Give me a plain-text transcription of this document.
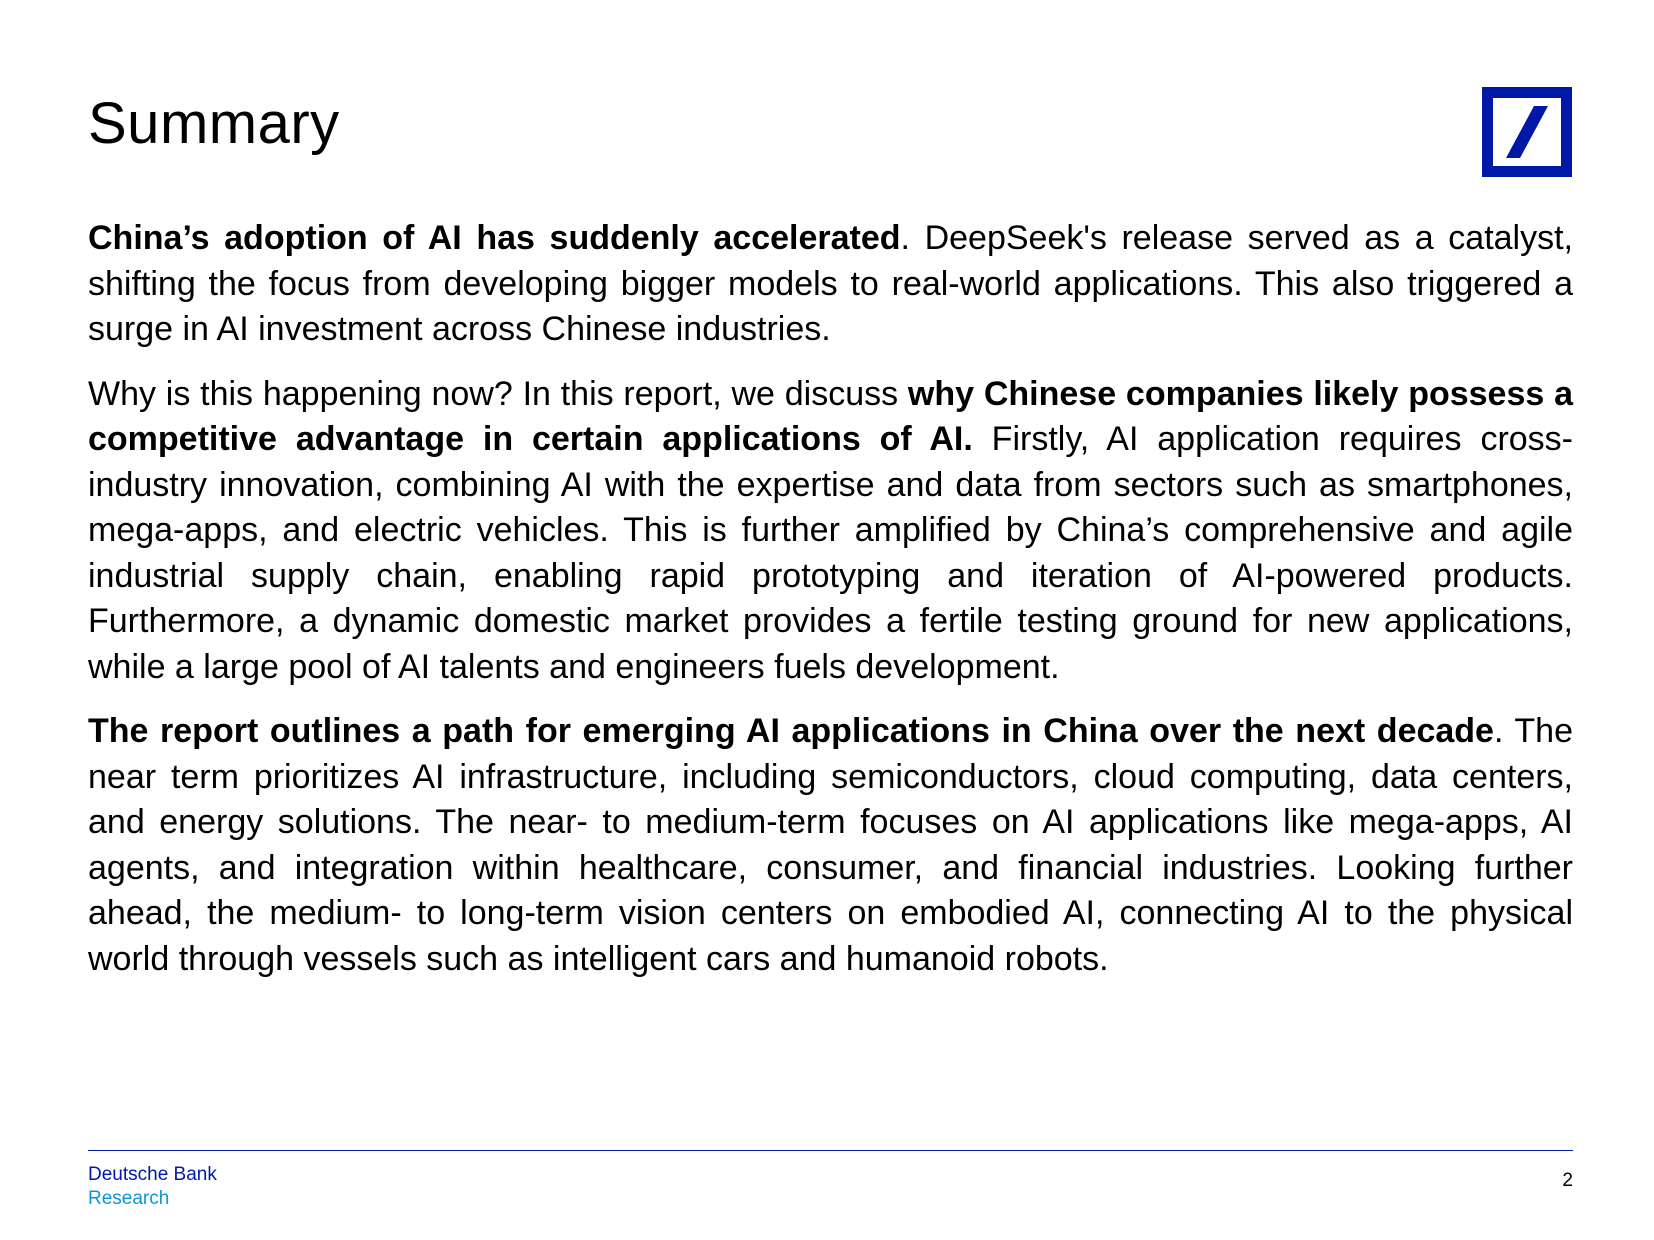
Summary

China’s adoption of AI has suddenly accelerated. DeepSeek's release served as a catalyst, shifting the focus from developing bigger models to real-world applications. This also triggered a surge in AI investment across Chinese industries.

Why is this happening now? In this report, we discuss why Chinese companies likely possess a competitive advantage in certain applications of AI. Firstly, AI application requires cross-industry innovation, combining AI with the expertise and data from sectors such as smartphones, mega-apps, and electric vehicles. This is further amplified by China’s comprehensive and agile industrial supply chain, enabling rapid prototyping and iteration of AI-powered products. Furthermore, a dynamic domestic market provides a fertile testing ground for new applications, while a large pool of AI talents and engineers fuels development.

The report outlines a path for emerging AI applications in China over the next decade. The near term prioritizes AI infrastructure, including semiconductors, cloud computing, data centers, and energy solutions. The near- to medium-term focuses on AI applications like mega-apps, AI agents, and integration within healthcare, consumer, and financial industries. Looking further ahead, the medium- to long-term vision centers on embodied AI, connecting AI to the physical world through vessels such as intelligent cars and humanoid robots.

Deutsche Bank
Research
2
